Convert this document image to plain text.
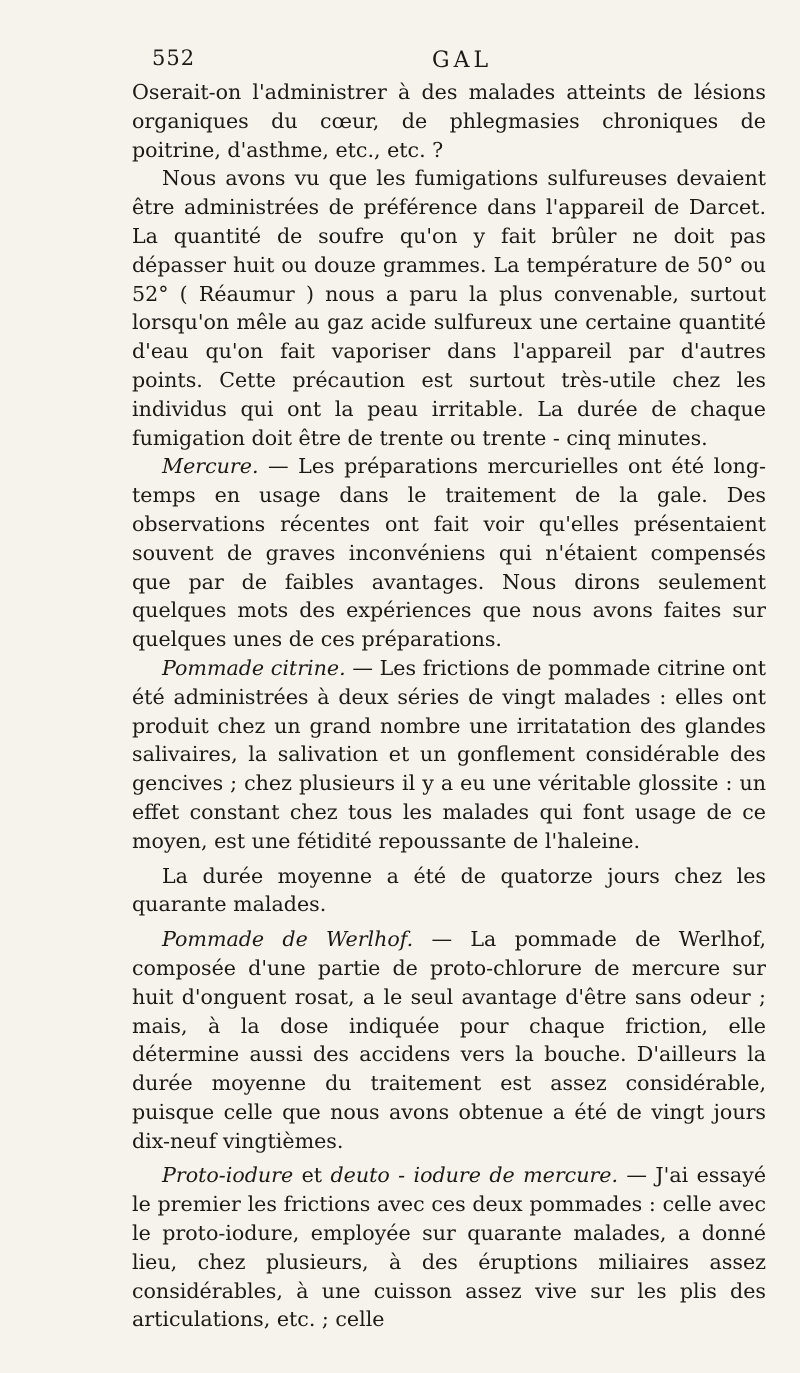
552	GAL

Oserait-on l'administrer à des malades atteints de lésions organiques du cœur, de phlegmasies chroniques de poitrine, d'asthme, etc., etc. ?

Nous avons vu que les fumigations sulfureuses devaient être administrées de préférence dans l'appareil de Darcet. La quantité de soufre qu'on y fait brûler ne doit pas dépasser huit ou douze grammes. La température de 50° ou 52° ( Réaumur ) nous a paru la plus convenable, surtout lorsqu'on mêle au gaz acide sulfureux une certaine quantité d'eau qu'on fait vaporiser dans l'appareil par d'autres points. Cette précaution est surtout très-utile chez les individus qui ont la peau irritable. La durée de chaque fumigation doit être de trente ou trente - cinq minutes.

Mercure. — Les préparations mercurielles ont été long-temps en usage dans le traitement de la gale. Des observations récentes ont fait voir qu'elles présentaient souvent de graves inconvéniens qui n'étaient compensés que par de faibles avantages. Nous dirons seulement quelques mots des expériences que nous avons faites sur quelques unes de ces préparations.

Pommade citrine. — Les frictions de pommade citrine ont été administrées à deux séries de vingt malades : elles ont produit chez un grand nombre une irritatation des glandes salivaires, la salivation et un gonflement considérable des gencives ; chez plusieurs il y a eu une véritable glossite : un effet constant chez tous les malades qui font usage de ce moyen, est une fétidité repoussante de l'haleine.

La durée moyenne a été de quatorze jours chez les quarante malades.

Pommade de Werlhof. — La pommade de Werlhof, composée d'une partie de proto-chlorure de mercure sur huit d'onguent rosat, a le seul avantage d'être sans odeur ; mais, à la dose indiquée pour chaque friction, elle détermine aussi des accidens vers la bouche. D'ailleurs la durée moyenne du traitement est assez considérable, puisque celle que nous avons obtenue a été de vingt jours dix-neuf vingtièmes.

Proto-iodure et deuto - iodure de mercure. — J'ai essayé le premier les frictions avec ces deux pommades : celle avec le proto-iodure, employée sur quarante malades, a donné lieu, chez plusieurs, à des éruptions miliaires assez considérables, à une cuisson assez vive sur les plis des articulations, etc. ; celle
